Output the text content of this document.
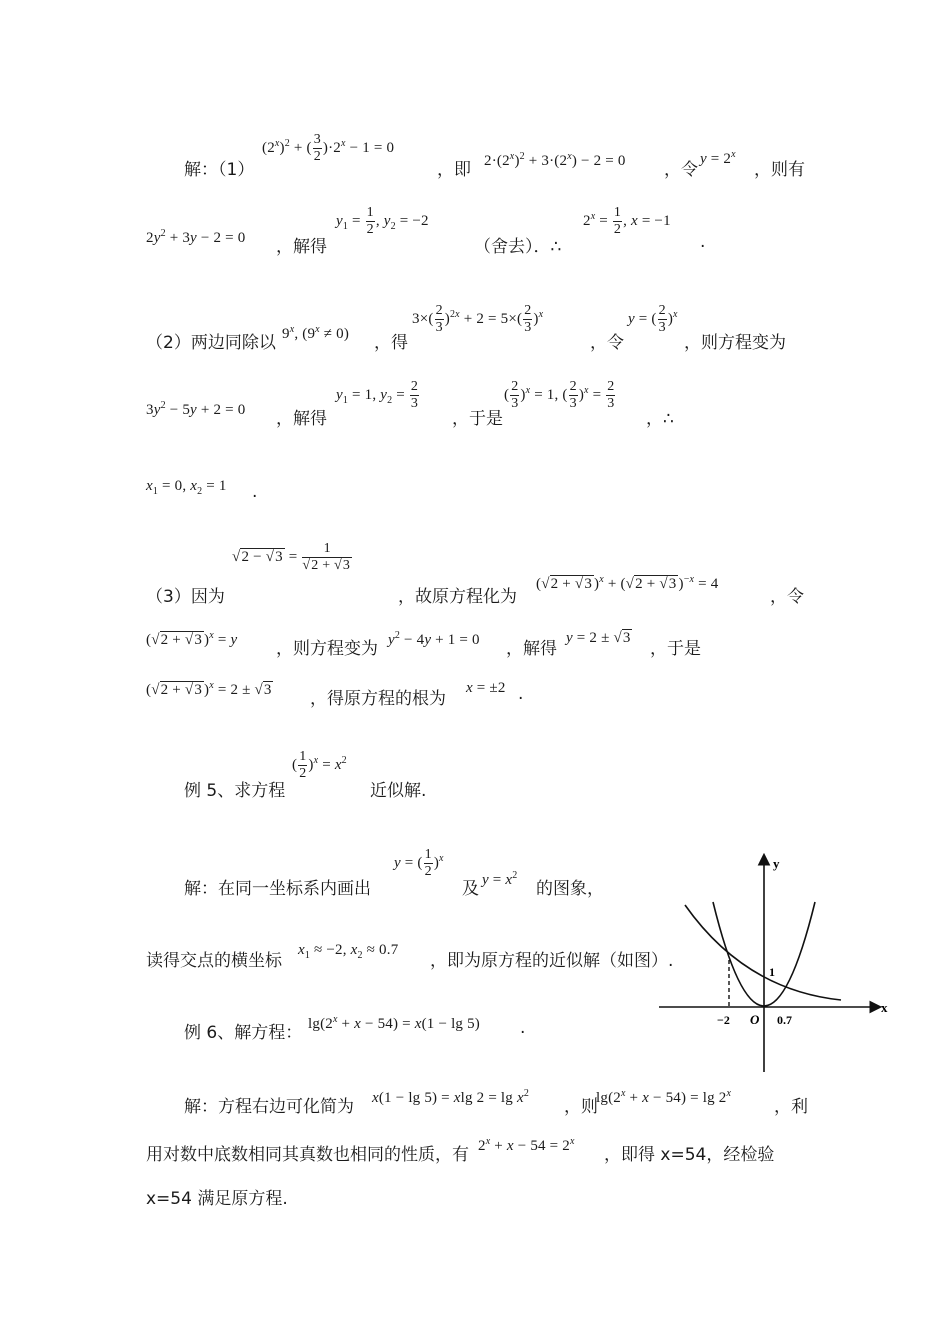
解：（1）
$(2^x)^2$ + ( $\frac{3}{2} )\cdot 2^x - 1 = 0$
，即 $2\cdot(2^x)^2 + 3\cdot(2^x) - 2 = 0$ ，令
$y = 2^x$
，则有
$2y^2 + 3y - 2 = 0$ ，解得
$y_1 = \frac{1}{2}$ , $y_2 = -2$
（舍去）．∴
$2^x = \frac{1}{2}$ , x = −1
.
（2）两边同除以 9$^x$, $(9^x \ne 0)$ ，得
$3\times( \frac{2}{3} )^{2x} + 2 = 5\times( \frac{2}{3} )^x$
，令
y = ( $\frac{2}{3} )^x$
，则方程变为
$3y^2 - 5y + 2 = 0$ ，解得
$y_1 = 1$, $y_2 = \frac{2}{3}$
，于是
( $\frac{2}{3} )^x = 1$, ( $\frac{2}{3} )^x = \frac{2}{3}$
，∴
$x_1 = 0$, $x_2 = 1$ .
（3）因为
$√2 - √3 = \frac{1}{√2 + √3}$
，故原方程化为
(√2 + √3 )$^x$ + (√2 + √3 )$^{-x}$ = 4
，令
(√2 + √3 )$^x$ = y ，则方程变为 $y^2 - 4y + 1 = 0$ ，解得
y = 2 ± √3
，于是
(√2 + √3 )$^x$ = 2 ± √3 ，得原方程的根为
x = ±2 .
例 5、求方程
( $\frac{1}{2} )^x = x^2$
近似解.
解：在同一坐标系内画出
y = ( $\frac{1}{2} )^x$
及 $y = x^2$
的图象，
读得交点的横坐标
$x_1 \approx -2$, $x_2 \approx 0.7$
，即为原方程的近似解（如图）.
y
x
O
−2	0.7
1
例 6、解方程： $\lg(2^x + x - 54) = x(1 - \lg 5)$ .
解：方程右边可化简为 x(1 − lg 5) = xlg $2 = \lg x^2$
，则
$\lg(2^x + x - 54) = \lg 2^x$
，利
用对数中底数相同其真数也相同的性质，有 $2^x + x - 54 = 2^x$
，即得 x=54，经检验
x=54 满足原方程.
